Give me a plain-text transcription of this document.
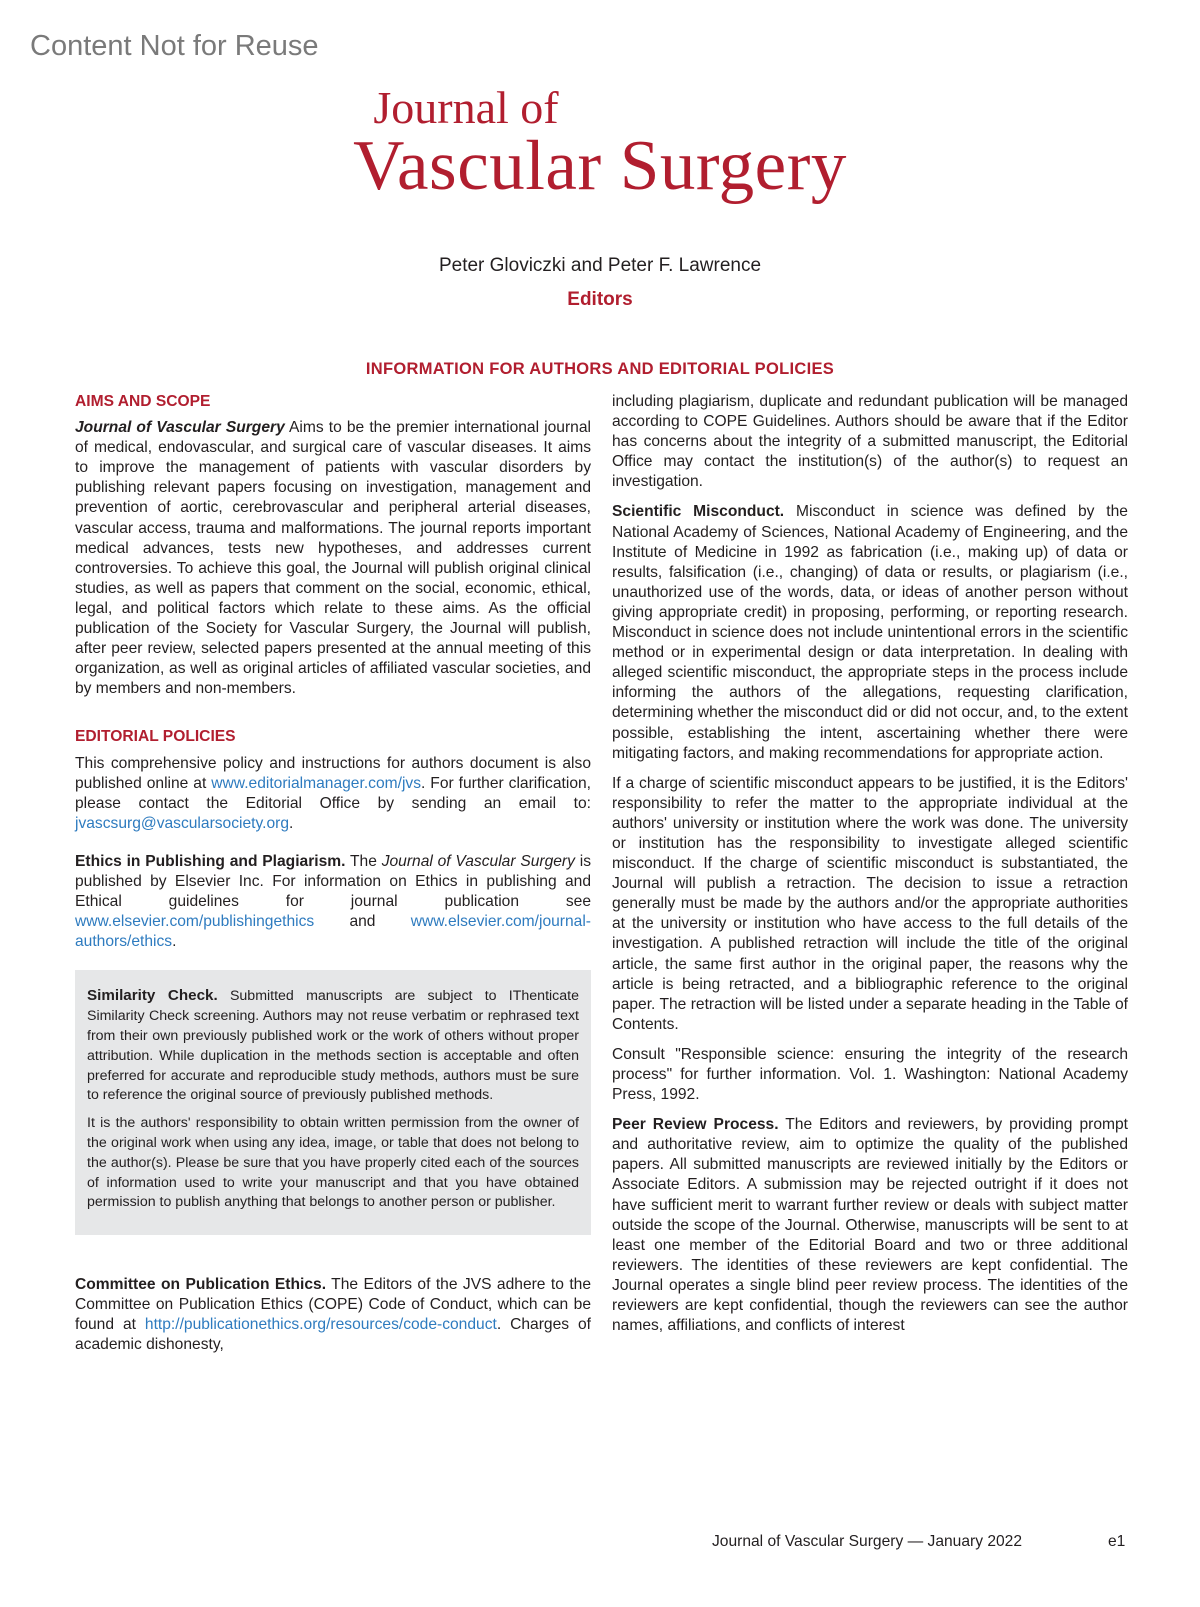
Content Not for Reuse
Journal of
Vascular Surgery
Peter Gloviczki and Peter F. Lawrence
Editors
INFORMATION FOR AUTHORS AND EDITORIAL POLICIES
AIMS AND SCOPE

Journal of Vascular Surgery Aims to be the premier international journal of medical, endovascular, and surgical care of vascular diseases. It aims to improve the management of patients with vascular disorders by publishing relevant papers focusing on investigation, management and prevention of aortic, cerebrovascular and peripheral arterial diseases, vascular access, trauma and malformations. The journal reports important medical advances, tests new hypotheses, and addresses current controversies. To achieve this goal, the Journal will publish original clinical studies, as well as papers that comment on the social, economic, ethical, legal, and political factors which relate to these aims. As the official publication of the Society for Vascular Surgery, the Journal will publish, after peer review, selected papers presented at the annual meeting of this organization, as well as original articles of affiliated vascular societies, and by members and non-members.

EDITORIAL POLICIES

This comprehensive policy and instructions for authors document is also published online at www.editorialmanager.com/jvs. For further clarification, please contact the Editorial Office by sending an email to: jvascsurg@vascularsociety.org.

Ethics in Publishing and Plagiarism. The Journal of Vascular Surgery is published by Elsevier Inc. For information on Ethics in publishing and Ethical guidelines for journal publication see www.elsevier.com/publishingethics and www.elsevier.com/journal-authors/ethics.

Similarity Check. Submitted manuscripts are subject to IThenticate Similarity Check screening. Authors may not reuse verbatim or rephrased text from their own previously published work or the work of others without proper attribution. While duplication in the methods section is acceptable and often preferred for accurate and reproducible study methods, authors must be sure to reference the original source of previously published methods.

It is the authors' responsibility to obtain written permission from the owner of the original work when using any idea, image, or table that does not belong to the author(s). Please be sure that you have properly cited each of the sources of information used to write your manuscript and that you have obtained permission to publish anything that belongs to another person or publisher.

Committee on Publication Ethics. The Editors of the JVS adhere to the Committee on Publication Ethics (COPE) Code of Conduct, which can be found at http://publicationethics.org/resources/code-conduct. Charges of academic dishonesty,

including plagiarism, duplicate and redundant publication will be managed according to COPE Guidelines. Authors should be aware that if the Editor has concerns about the integrity of a submitted manuscript, the Editorial Office may contact the institution(s) of the author(s) to request an investigation.

Scientific Misconduct. Misconduct in science was defined by the National Academy of Sciences, National Academy of Engineering, and the Institute of Medicine in 1992 as fabrication (i.e., making up) of data or results, falsification (i.e., changing) of data or results, or plagiarism (i.e., unauthorized use of the words, data, or ideas of another person without giving appropriate credit) in proposing, performing, or reporting research. Misconduct in science does not include unintentional errors in the scientific method or in experimental design or data interpretation. In dealing with alleged scientific misconduct, the appropriate steps in the process include informing the authors of the allegations, requesting clarification, determining whether the misconduct did or did not occur, and, to the extent possible, establishing the intent, ascertaining whether there were mitigating factors, and making recommendations for appropriate action.

If a charge of scientific misconduct appears to be justified, it is the Editors' responsibility to refer the matter to the appropriate individual at the authors' university or institution where the work was done. The university or institution has the responsibility to investigate alleged scientific misconduct. If the charge of scientific misconduct is substantiated, the Journal will publish a retraction. The decision to issue a retraction generally must be made by the authors and/or the appropriate authorities at the university or institution who have access to the full details of the investigation. A published retraction will include the title of the original article, the same first author in the original paper, the reasons why the article is being retracted, and a bibliographic reference to the original paper. The retraction will be listed under a separate heading in the Table of Contents.

Consult "Responsible science: ensuring the integrity of the research process" for further information. Vol. 1. Washington: National Academy Press, 1992.

Peer Review Process. The Editors and reviewers, by providing prompt and authoritative review, aim to optimize the quality of the published papers. All submitted manuscripts are reviewed initially by the Editors or Associate Editors. A submission may be rejected outright if it does not have sufficient merit to warrant further review or deals with subject matter outside the scope of the Journal. Otherwise, manuscripts will be sent to at least one member of the Editorial Board and two or three additional reviewers. The identities of these reviewers are kept confidential. The Journal operates a single blind peer review process. The identities of the reviewers are kept confidential, though the reviewers can see the author names, affiliations, and conflicts of interest

Journal of Vascular Surgery — January 2022	e1
